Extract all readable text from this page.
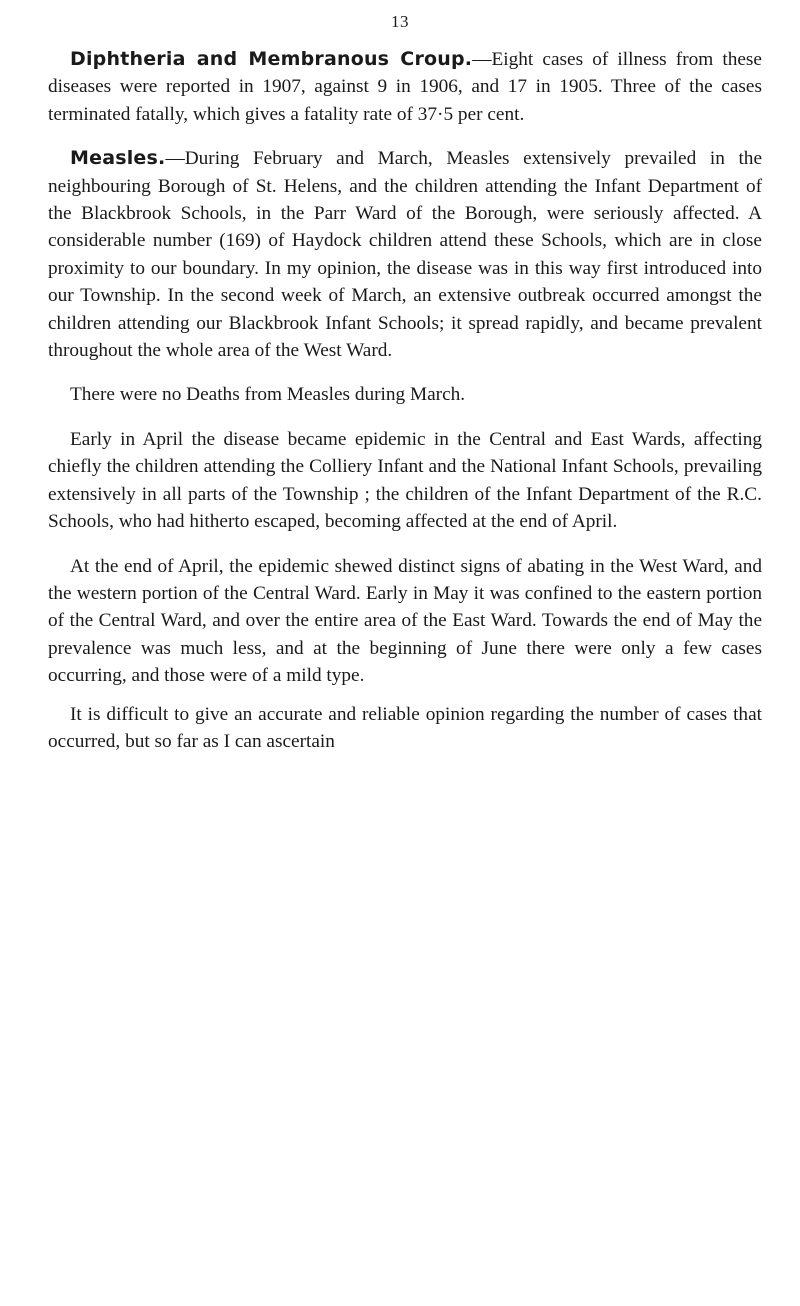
13

Diphtheria and Membranous Croup.—Eight cases of illness from these diseases were reported in 1907, against 9 in 1906, and 17 in 1905. Three of the cases terminated fatally, which gives a fatality rate of 37·5 per cent.

Measles.—During February and March, Measles extensively prevailed in the neighbouring Borough of St. Helens, and the children attending the Infant Department of the Blackbrook Schools, in the Parr Ward of the Borough, were seriously affected. A considerable number (169) of Haydock children attend these Schools, which are in close proximity to our boundary. In my opinion, the disease was in this way first introduced into our Township. In the second week of March, an extensive outbreak occurred amongst the children attending our Blackbrook Infant Schools; it spread rapidly, and became prevalent throughout the whole area of the West Ward.

There were no Deaths from Measles during March.

Early in April the disease became epidemic in the Central and East Wards, affecting chiefly the children attending the Colliery Infant and the National Infant Schools, prevailing extensively in all parts of the Township ; the children of the Infant Department of the R.C. Schools, who had hitherto escaped, becoming affected at the end of April.

At the end of April, the epidemic shewed distinct signs of abating in the West Ward, and the western portion of the Central Ward. Early in May it was confined to the eastern portion of the Central Ward, and over the entire area of the East Ward. Towards the end of May the prevalence was much less, and at the beginning of June there were only a few cases occurring, and those were of a mild type.

It is difficult to give an accurate and reliable opinion regarding the number of cases that occurred, but so far as I can ascertain
